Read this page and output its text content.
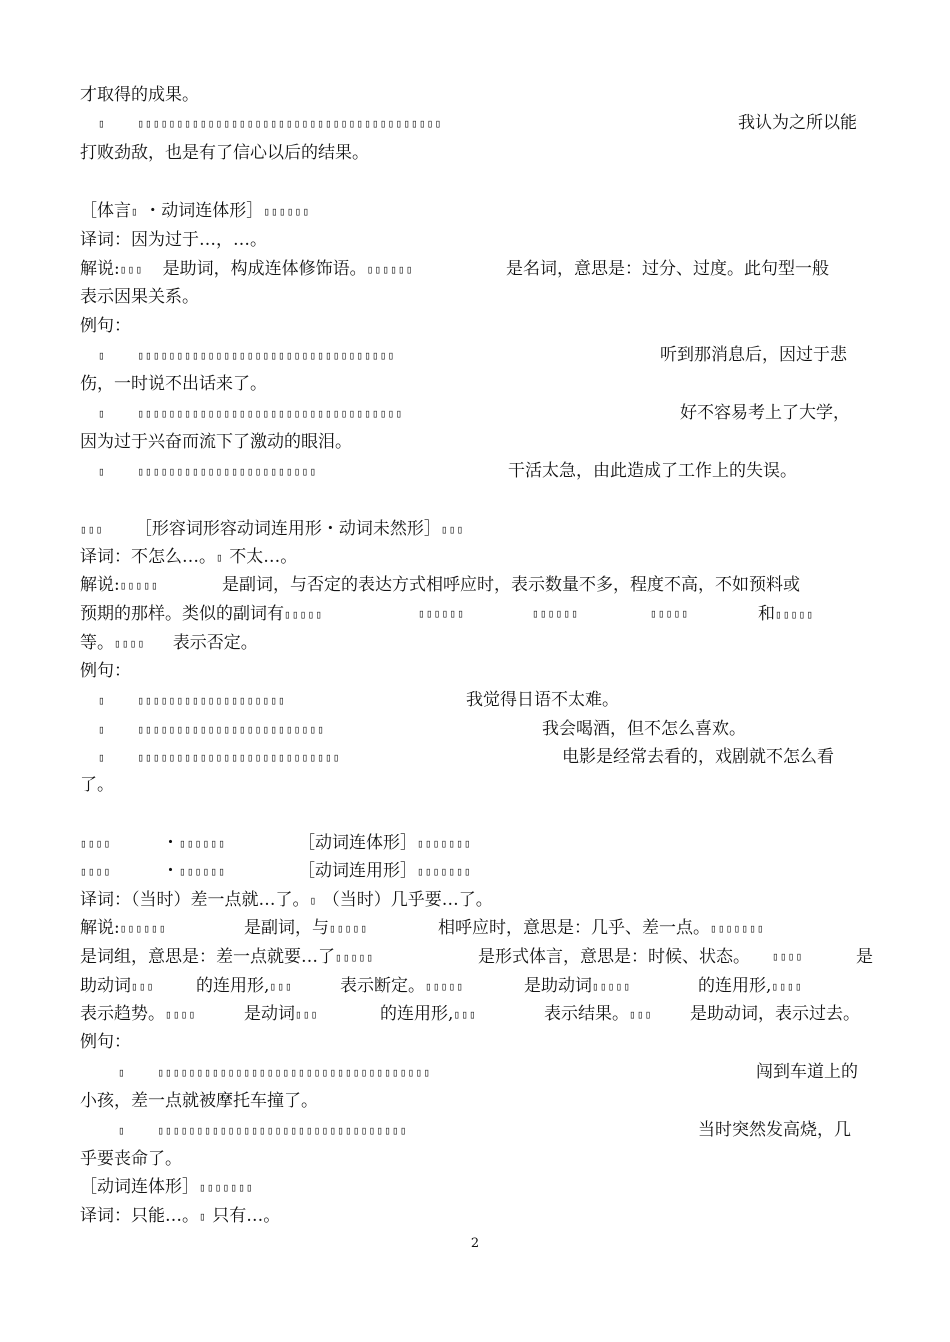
才取得的成果。
▯	▯▯▯▯▯▯▯▯▯▯▯▯▯▯▯▯▯▯▯▯▯▯▯▯▯▯▯▯▯▯▯▯▯▯▯▯▯▯▯	我认为之所以能
打败劲敌，也是有了信心以后的结果。
［体言▯ ・动词连体形］▯▯▯▯▯▯
译词：因为过于…，…。
解说:▯▯▯ 是助词，构成连体修饰语。▯▯▯▯▯▯	是名词，意思是：过分、过度。此句型一般
表示因果关系。
例句：
▯	▯▯▯▯▯▯▯▯▯▯▯▯▯▯▯▯▯▯▯▯▯▯▯▯▯▯▯▯▯▯▯▯▯	听到那消息后，因过于悲
伤，一时说不出话来了。
▯	▯▯▯▯▯▯▯▯▯▯▯▯▯▯▯▯▯▯▯▯▯▯▯▯▯▯▯▯▯▯▯▯▯▯	好不容易考上了大学，
因为过于兴奋而流下了激动的眼泪。
▯	▯▯▯▯▯▯▯▯▯▯▯▯▯▯▯▯▯▯▯▯▯▯▯	干活太急，由此造成了工作上的失误。
▯▯▯ ［形容词形容动词连用形・动词未然形］▯▯▯
译词：不怎么…。▯ 不太…。
解说:▯▯▯▯▯	是副词，与否定的表达方式相呼应时，表示数量不多，程度不高，不如预料或
预期的那样。类似的副词有▯▯▯▯▯	▯▯▯▯▯▯	▯▯▯▯▯▯	▯▯▯▯▯	和▯▯▯▯▯
等。▯▯▯▯ 表示否定。
例句：
▯	▯▯▯▯▯▯▯▯▯▯▯▯▯▯▯▯▯▯▯	我觉得日语不太难。
▯	▯▯▯▯▯▯▯▯▯▯▯▯▯▯▯▯▯▯▯▯▯▯▯▯	我会喝酒，但不怎么喜欢。
▯	▯▯▯▯▯▯▯▯▯▯▯▯▯▯▯▯▯▯▯▯▯▯▯▯▯▯	电影是经常去看的，戏剧就不怎么看
了。
▯▯▯▯	・▯▯▯▯▯▯	［动词连体形］▯▯▯▯▯▯▯
▯▯▯▯	・▯▯▯▯▯▯	［动词连用形］▯▯▯▯▯▯▯
译词：（当时）差一点就…了。▯ （当时）几乎要…了。
解说:▯▯▯▯▯▯	是副词，与▯▯▯▯▯	相呼应时，意思是：几乎、差一点。▯▯▯▯▯▯▯
是词组，意思是：差一点就要…了▯▯▯▯▯	是形式体言，意思是：时候、状态。 ▯▯▯▯	是
助动词▯▯▯ 的连用形,▯▯▯	表示断定。▯▯▯▯▯	是助动词▯▯▯▯▯	的连用形,▯▯▯▯
表示趋势。▯▯▯▯	是动词▯▯▯	的连用形,▯▯▯	表示结果。▯▯▯ 是助动词，表示过去。
例句：
▯	▯▯▯▯▯▯▯▯▯▯▯▯▯▯▯▯▯▯▯▯▯▯▯▯▯▯▯▯▯▯▯▯▯▯▯	闯到车道上的
小孩，差一点就被摩托车撞了。
▯	▯▯▯▯▯▯▯▯▯▯▯▯▯▯▯▯▯▯▯▯▯▯▯▯▯▯▯▯▯▯▯▯	当时突然发高烧，几
乎要丧命了。
［动词连体形］▯▯▯▯▯▯▯
译词：只能…。▯ 只有…。
2
